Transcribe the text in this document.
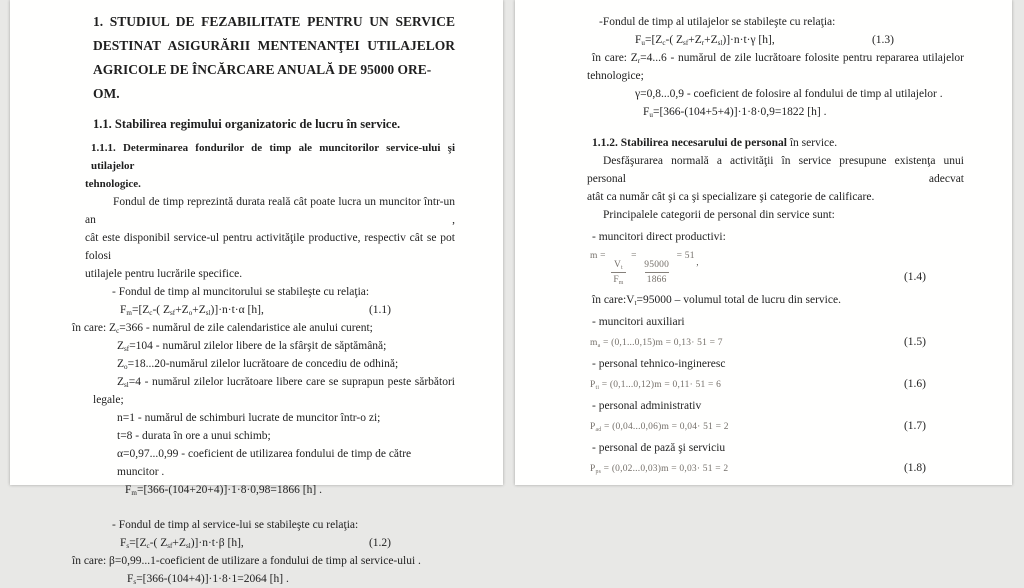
1. STUDIUL DE FEZABILITATE PENTRU UN SERVICE
DESTINAT ASIGURĂRII MENTENANŢEI UTILAJELOR
AGRICOLE DE ÎNCĂRCARE ANUALĂ DE 95000 ORE-OM.
1.1. Stabilirea regimului organizatoric de lucru în service.
1.1.1. Determinarea fondurilor de timp ale muncitorilor service-ului şi utilajelor
tehnologice.
Fondul de timp reprezintă durata reală cât poate lucra un muncitor într-un an ,
cât este disponibil service-ul pentru activităţile productive, respectiv cât se pot folosi
utilajele pentru lucrările specifice.
- Fondul de timp al muncitorului se stabileşte cu relaţia:
$F_m=[Z_c-$( $Z_{sf}+Z_o+Z_{sl})]\cdot n\cdot t\cdot\alpha$ [h],	(1.1)
în care: $Z_c=366$ - numărul de zile calendaristice ale anului curent;
$Z_{sf}=104$ - numărul zilelor libere de la sfârşit de săptămână;
$Z_o=18...20$-numărul zilelor lucrătoare de concediu de odhină;
$Z_{sl}=4$ - numărul zilelor lucrătoare libere care se suprapun peste sărbători
legale;
n=1 - numărul de schimburi lucrate de muncitor într-o zi;
t=8 - durata în ore a unui schimb;
α=0,97...0,99 - coeficient de utilizarea fondului de timp de către muncitor .
$F_m=[366-(104+20+4)]\cdot 1\cdot 8\cdot 0,98=1866$ [h] .
- Fondul de timp al service-lui se stabileşte cu relaţia:
$F_s=[Z_c-$( $Z_{sf}+Z_{sl})]\cdot n\cdot t\cdot\beta$ [h],	(1.2)
în care: β=0,99...1-coeficient de utilizare a fondului de timp al service-ului .
$F_s=[366-(104+4)]\cdot 1\cdot 8\cdot 1=2064$ [h] .
-Fondul de timp al utilajelor se stabileşte cu relaţia:
$F_u=[Z_c-$( $Z_{sf}+Z_r+Z_{sl})]\cdot n\cdot t\cdot\gamma$ [h],	(1.3)
în care: $Z_r=4...6$ - numărul de zile lucrătoare folosite pentru repararea utilajelor
tehnologice;
γ=0,8...0,9 - coeficient de folosire al fondului de timp al utilajelor .
$F_u=[366-(104+5+4)]\cdot 1\cdot 8\cdot 0,9=1822$ [h] .
1.1.2. Stabilirea necesarului de personal în service.
Desfăşurarea normală a activităţii în service presupune existenţa unui personal adecvat
atât ca număr cât şi ca şi specializare şi categorie de calificare.
Principalele categorii de personal din service sunt:
- muncitori direct productivi:
m =
$\frac{V_t}{F_m}$
=
$\frac{95000}{1866}$
= 51 ,
(1.4)
în $care:V_t=95000$ – volumul total de lucru din service.
- muncitori auxiliari
$m_a = (0,1...0,15)m = 0,13\cdot 51 = 7$	(1.5)
- personal tehnico-ingineresc
$P_{ti} = (0,1...0,12)m = 0,11\cdot 51 = 6$	(1.6)
- personal administrativ
$P_{ad} = (0,04...0,06)m = 0,04\cdot 51 = 2$	(1.7)
- personal de pază şi serviciu
$P_{ps} = (0,02...0,03)m = 0,03\cdot 51 = 2$	(1.8)
